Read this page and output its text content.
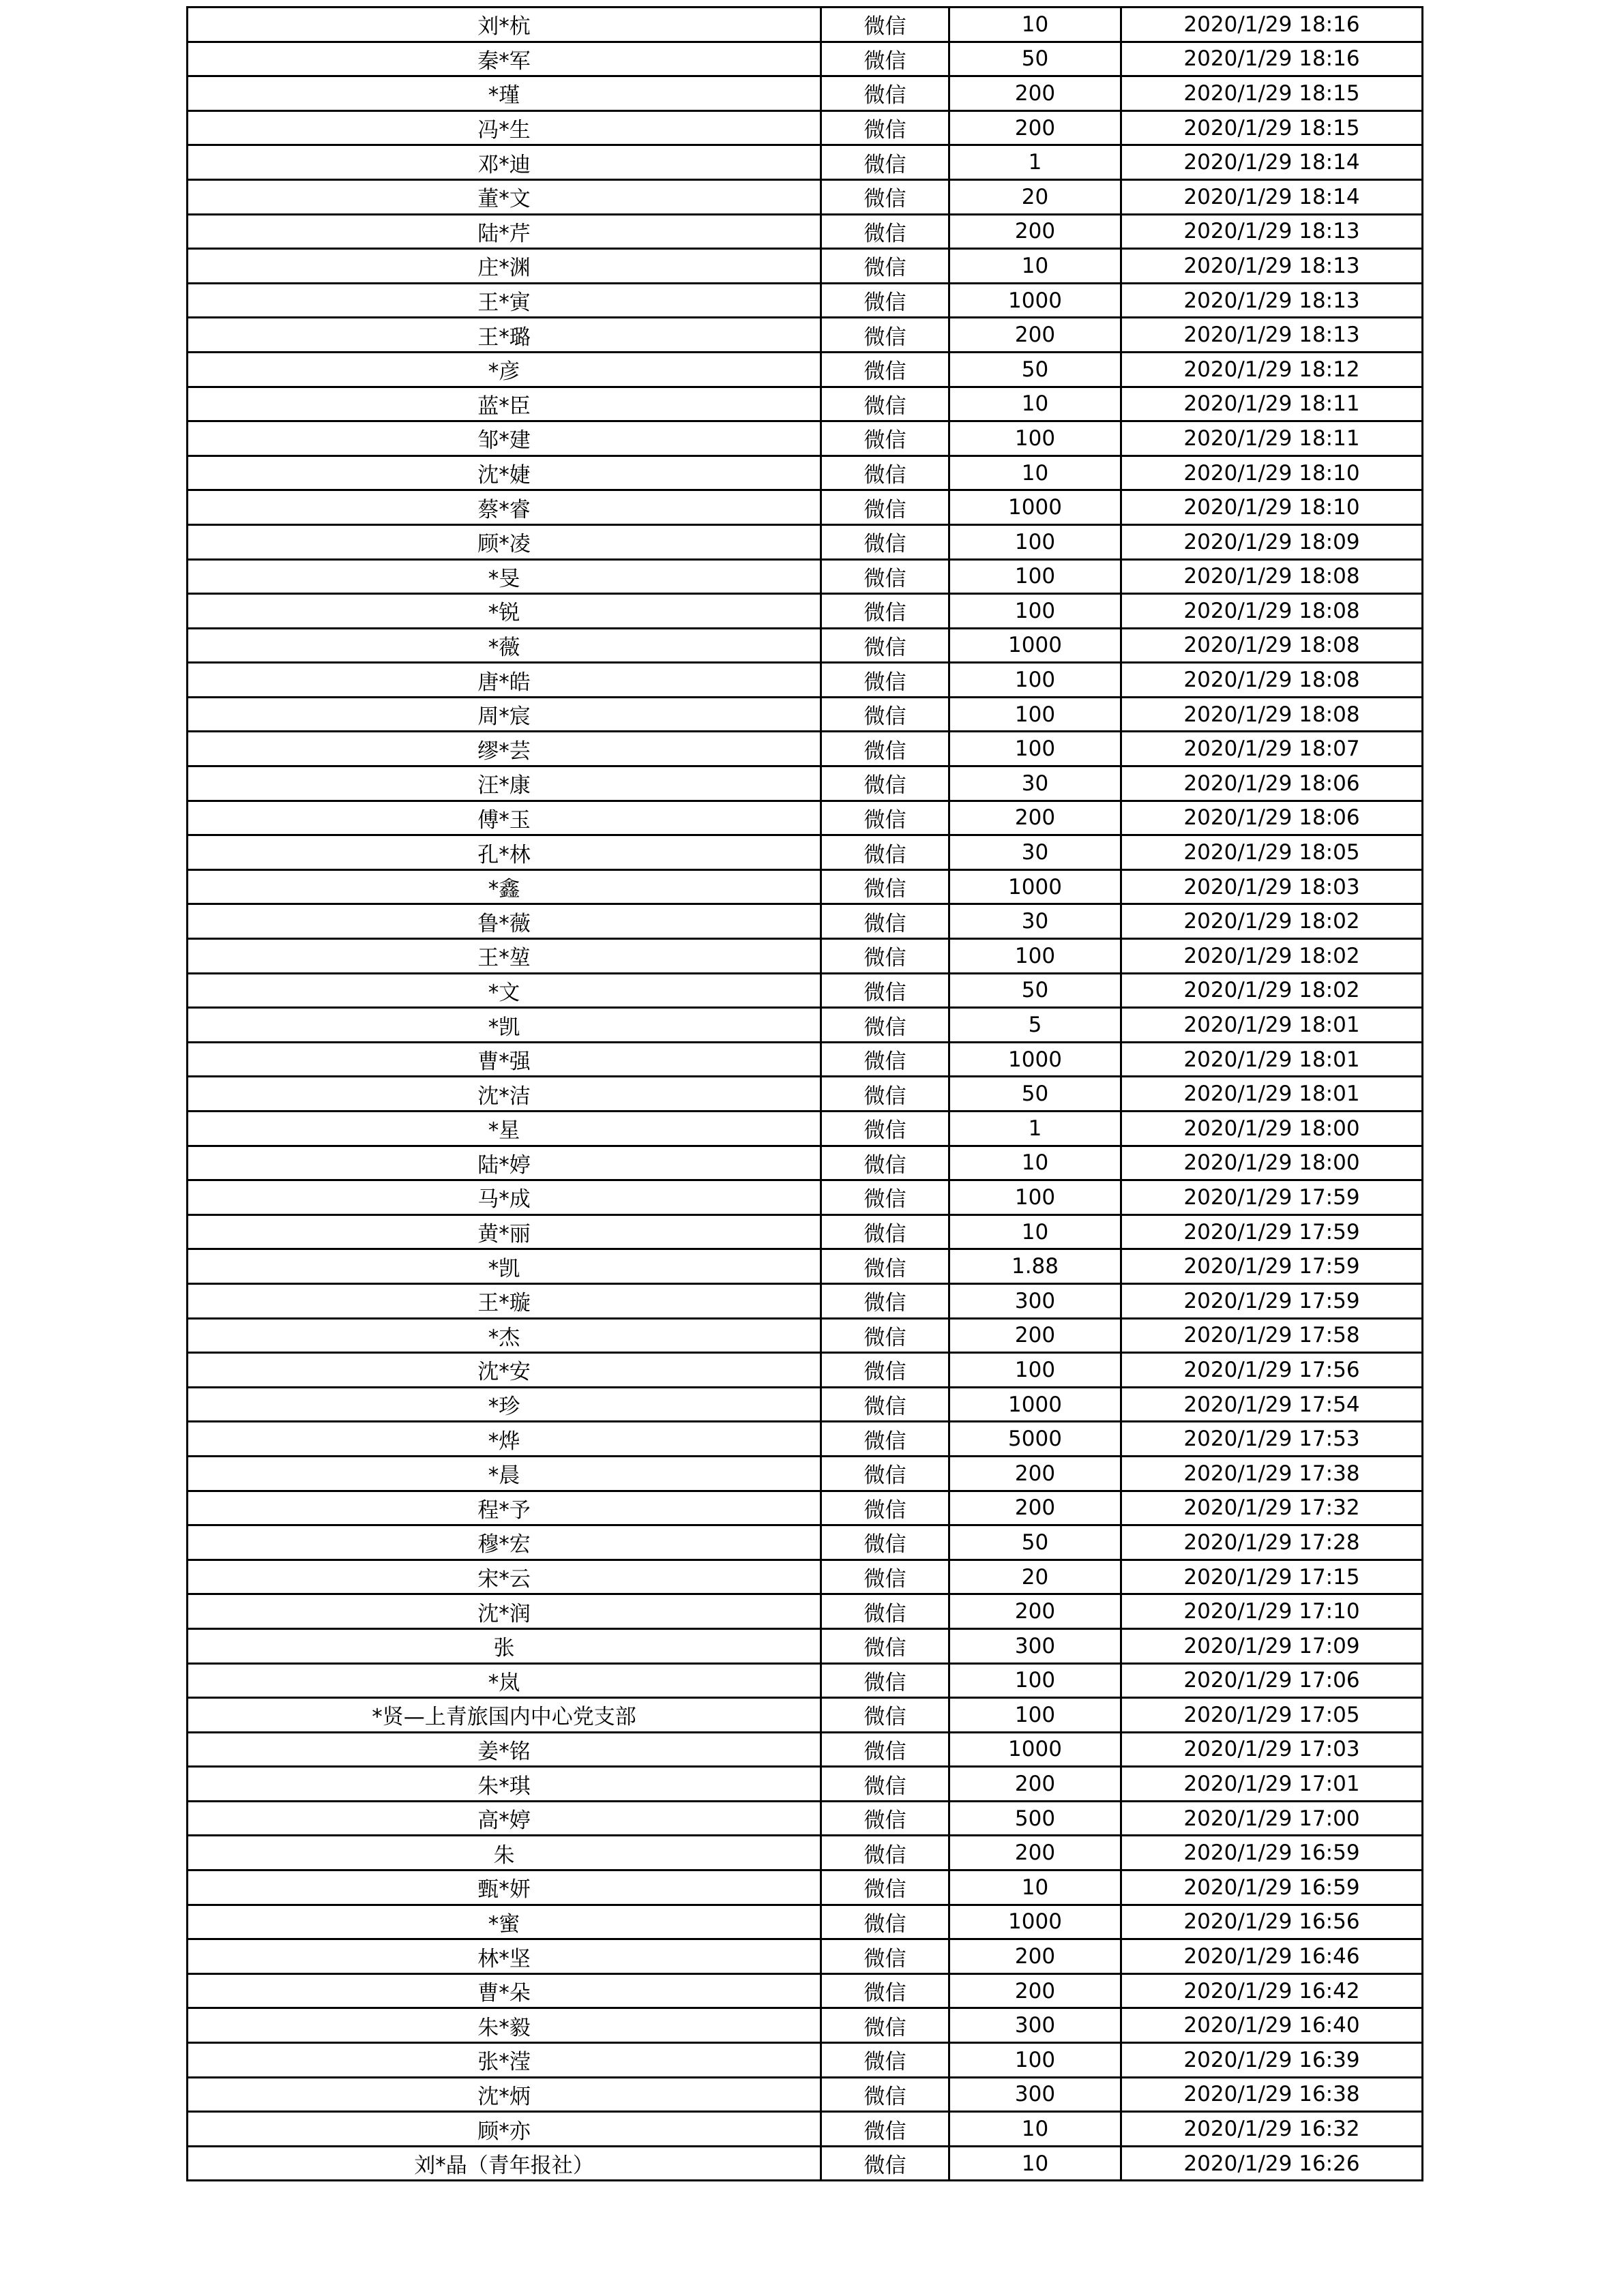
刘*杭	微信	10	2020/1/29 18:16
秦*军	微信	50	2020/1/29 18:16
*瑾	微信	200	2020/1/29 18:15
冯*生	微信	200	2020/1/29 18:15
邓*迪	微信	1	2020/1/29 18:14
董*文	微信	20	2020/1/29 18:14
陆*芹	微信	200	2020/1/29 18:13
庄*渊	微信	10	2020/1/29 18:13
王*寅	微信	1000	2020/1/29 18:13
王*璐	微信	200	2020/1/29 18:13
*彦	微信	50	2020/1/29 18:12
蓝*臣	微信	10	2020/1/29 18:11
邹*建	微信	100	2020/1/29 18:11
沈*婕	微信	10	2020/1/29 18:10
蔡*睿	微信	1000	2020/1/29 18:10
顾*凌	微信	100	2020/1/29 18:09
*旻	微信	100	2020/1/29 18:08
*锐	微信	100	2020/1/29 18:08
*薇	微信	1000	2020/1/29 18:08
唐*皓	微信	100	2020/1/29 18:08
周*宸	微信	100	2020/1/29 18:08
缪*芸	微信	100	2020/1/29 18:07
汪*康	微信	30	2020/1/29 18:06
傅*玉	微信	200	2020/1/29 18:06
孔*林	微信	30	2020/1/29 18:05
*鑫	微信	1000	2020/1/29 18:03
鲁*薇	微信	30	2020/1/29 18:02
王*堃	微信	100	2020/1/29 18:02
*文	微信	50	2020/1/29 18:02
*凯	微信	5	2020/1/29 18:01
曹*强	微信	1000	2020/1/29 18:01
沈*洁	微信	50	2020/1/29 18:01
*星	微信	1	2020/1/29 18:00
陆*婷	微信	10	2020/1/29 18:00
马*成	微信	100	2020/1/29 17:59
黄*丽	微信	10	2020/1/29 17:59
*凯	微信	1.88	2020/1/29 17:59
王*璇	微信	300	2020/1/29 17:59
*杰	微信	200	2020/1/29 17:58
沈*安	微信	100	2020/1/29 17:56
*珍	微信	1000	2020/1/29 17:54
*烨	微信	5000	2020/1/29 17:53
*晨	微信	200	2020/1/29 17:38
程*予	微信	200	2020/1/29 17:32
穆*宏	微信	50	2020/1/29 17:28
宋*云	微信	20	2020/1/29 17:15
沈*润	微信	200	2020/1/29 17:10
张	微信	300	2020/1/29 17:09
*岚	微信	100	2020/1/29 17:06
*贤—上青旅国内中心党支部	微信	100	2020/1/29 17:05
姜*铭	微信	1000	2020/1/29 17:03
朱*琪	微信	200	2020/1/29 17:01
高*婷	微信	500	2020/1/29 17:00
朱	微信	200	2020/1/29 16:59
甄*妍	微信	10	2020/1/29 16:59
*蜜	微信	1000	2020/1/29 16:56
林*坚	微信	200	2020/1/29 16:46
曹*朵	微信	200	2020/1/29 16:42
朱*毅	微信	300	2020/1/29 16:40
张*滢	微信	100	2020/1/29 16:39
沈*炳	微信	300	2020/1/29 16:38
顾*亦	微信	10	2020/1/29 16:32
刘*晶（青年报社）	微信	10	2020/1/29 16:26
